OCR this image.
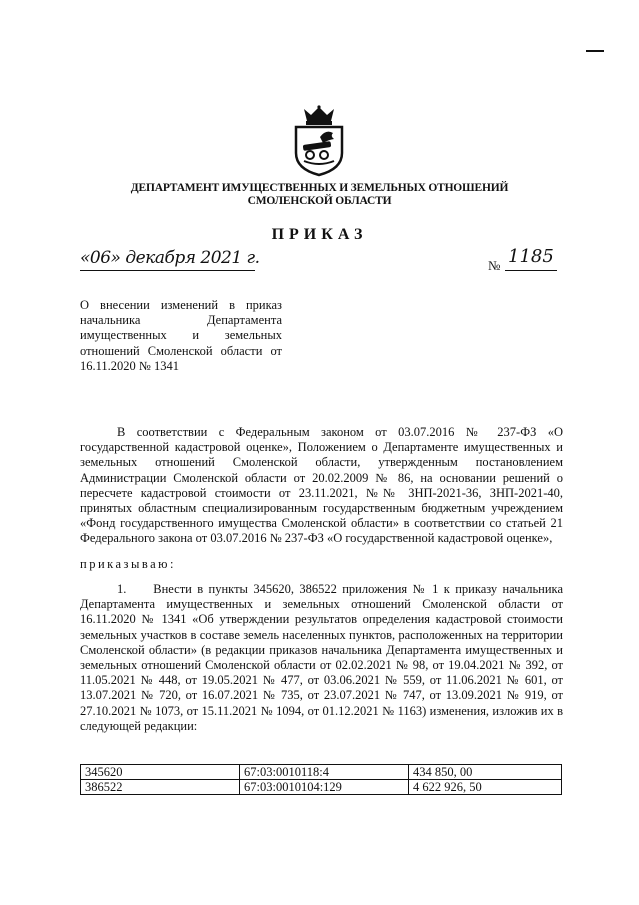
ДЕПАРТАМЕНТ ИМУЩЕСТВЕННЫХ И ЗЕМЕЛЬНЫХ ОТНОШЕНИЙ
СМОЛЕНСКОЙ ОБЛАСТИ
ПРИКАЗ
«06» декабря 2021 г.	№ 1185
О внесении изменений в приказ начальника Департамента имущественных и земельных отношений Смоленской области от 16.11.2020 № 1341
В соответствии с Федеральным законом от 03.07.2016 № 237-ФЗ «О государственной кадастровой оценке», Положением о Департаменте имущественных и земельных отношений Смоленской области, утвержденным постановлением Администрации Смоленской области от 20.02.2009 № 86, на основании решений о пересчете кадастровой стоимости от 23.11.2021, №№ ЗНП-2021-36, ЗНП-2021-40, принятых областным специализированным государственным бюджетным учреждением «Фонд государственного имущества Смоленской области» в соответствии со статьей 21 Федерального закона от 03.07.2016 № 237-ФЗ «О государственной кадастровой оценке»,
приказываю:
1.     Внести в пункты 345620, 386522 приложения № 1 к приказу начальника Департамента имущественных и земельных отношений Смоленской области от 16.11.2020 № 1341 «Об утверждении результатов определения кадастровой стоимости земельных участков в составе земель населенных пунктов, расположенных на территории Смоленской области» (в редакции приказов начальника Департамента имущественных и земельных отношений Смоленской области от 02.02.2021 № 98, от 19.04.2021 № 392, от 11.05.2021 № 448, от 19.05.2021 № 477, от 03.06.2021 № 559, от 11.06.2021 № 601, от 13.07.2021 № 720, от 16.07.2021 № 735, от 23.07.2021 № 747, от 13.09.2021 № 919, от 27.10.2021 № 1073, от 15.11.2021 № 1094, от 01.12.2021 № 1163) изменения, изложив их в следующей редакции:
345620	67:03:0010118:4	434 850, 00
386522	67:03:0010104:129	4 622 926, 50
